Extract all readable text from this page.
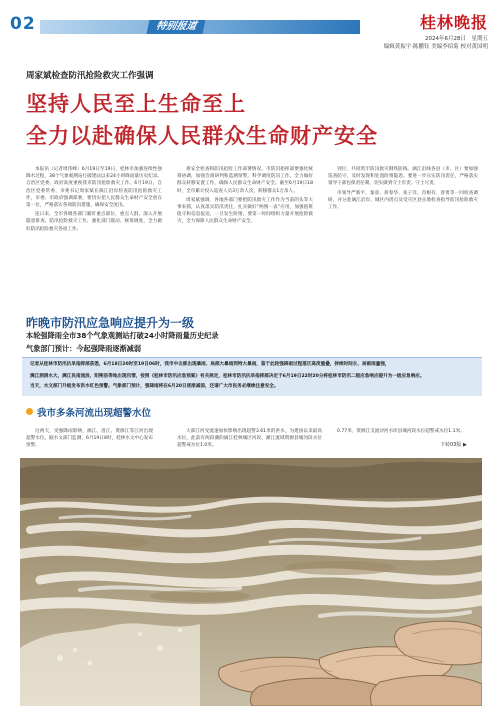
02	特别报道	桂林晚报
2024年6月28日　星期五
编辑黄振宇·陈鹏钰 美编李绍菊 校对黄国明
周家斌检查防汛抢险救灾工作强调
坚持人民至上生命至上
全力以赴确保人民群众生命财产安全

本报讯（记者周伟峰）6月19日至19日，桂林市加强连续性强降水过程，38个气象观测站打破建站以来24小时降雨量历史纪录。自治区党委、政府高度重视我市防汛抢险救灾工作。6月19日，自治区党委常委、市委书记周家斌在漓江沿岸检查防汛抢险救灾工作，市委、市政府强调部署，要切实把人民群众生命财产安全放在第一位，严格落实各项防汛措施，确保安全度汛。

连日来，全市各级各部门紧盯重点部位、重点人群，深入开展隐患排查、防汛抢险救灾工作，强化部门联动、统筹调度，全力做好防汛抢险救灾各项工作。

难安全检查和防汛抢险工作部署情况。市防汛指挥部要强化统筹协调，加强会商研判和监测预警，科学调度防汛工作。全力做好群众转移安置工作，确保人民群众生命财产安全。截至6月19日18时，全市累计投入巡查人员3万余人次，转移群众1万余人。

周家斌强调，各地各部门要把防汛救灾工作作为当前的头等大事来抓，认真落实防汛责任，扎实做好“两图一表”应用，加强值班值守和信息报送，一旦发生险情，要第一时间组织力量开展抢险救灾，全力保障人民群众生命财产安全。

到位，共同筑牢防汛救灾钢铁防线。漓江沿线各县（市、区）要加强巡查防守，及时发现和处置险情隐患。要进一步压实防汛责任，严格落实领导干部包保责任制，切实做到守土有责、守土尽责。

市领导严新平、秦彦、蒋春华、张子洋、肖根有、曾勇等一同检查调研，并分赴漓江沿岸、城区内涝点及受灾区县实地检查指导防汛抢险救灾工作。

昨晚市防汛应急响应提升为一级
本轮强降雨全市38个气象观测站打破24小时降雨量历史纪录
气象部门预计：今起强降雨逐渐减弱

记者从桂林市防汛抗旱指挥部获悉，6月18日20时至19日06时，我市中北部出现暴雨、局部大暴雨到特大暴雨，鉴于此轮强降雨过程落区高度重叠，持续时间长、局部雨量强，

漓江洞洞水大，漓江民南流段、阳朔县等地出现汛情，按照《桂林市防汛应急预案》有关规定，桂林市防汛抗旱指挥部决定于6月19日22时20分将桂林市防汛二级应急响应提升为一级应急响应。

当天，水文部门升级发布洪水红色预警。气象部门预计，强降雨将在6月20日逐渐减弱，还请广大市民务必继续注意安全。

我市多条河流出现超警水位

这两天，受强降雨影响，漓江、洛江、资源江等江河出现超警水位。据水文部门监测，6月19日8时，桂林水文中心发布预警。

大部江河受流速加快影响出现超警3.61米的洪水，为建国以来最高水位。此前有两段潮的漓江桂林城区河段，潮江流域资源县城河段水位超警戒水位1.0米。

0.77米，资源江支流浔河水库县城河段水位超警戒水位1.1米。

下转03版 ▶
